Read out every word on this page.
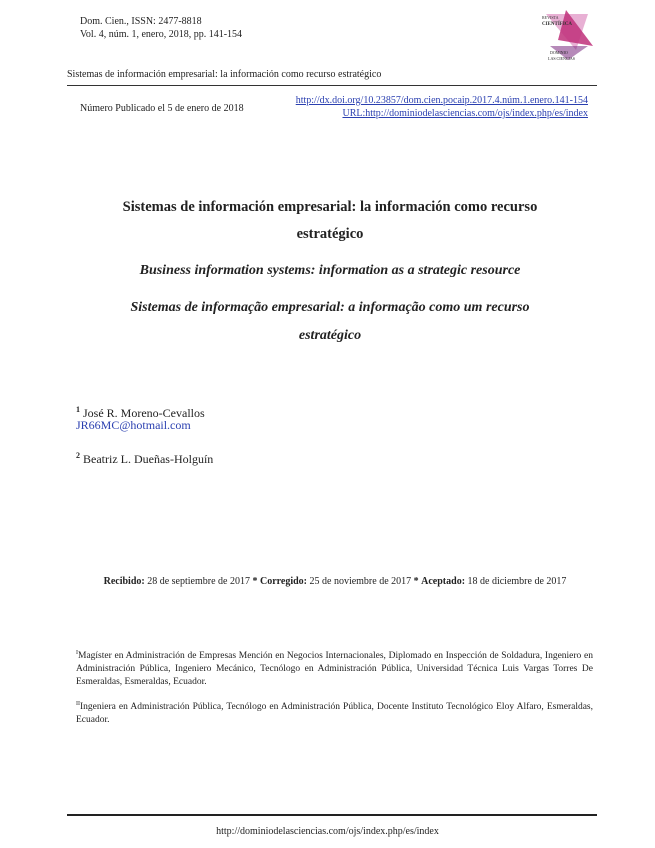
Dom. Cien., ISSN: 2477-8818
Vol. 4, núm. 1, enero, 2018, pp. 141-154
REVISTA
CIENTÍFICA
DOMINIO
LAS CIENCIAS
Sistemas de información empresarial: la información como recurso estratégico
Número Publicado el 5 de enero de 2018
http://dx.doi.org/10.23857/dom.cien.pocaip.2017.4.núm.1.enero.141-154
URL:http://dominiodelasciencias.com/ojs/index.php/es/index
Sistemas de información empresarial: la información como recurso estratégico
Business information systems: information as a strategic resource
Sistemas de informação empresarial: a informação como um recurso estratégico
$^1$ José R. Moreno-Cevallos
JR66MC@hotmail.com
$^2$ Beatriz L. Dueñas-Holguín
Recibido: 28 de septiembre de 2017 * Corregido: 25 de noviembre de 2017 * Aceptado: 18 de diciembre de 2017
$^I$Magíster en Administración de Empresas Mención en Negocios Internacionales, Diplomado en Inspección de Soldadura, Ingeniero en Administración Pública, Ingeniero Mecánico, Tecnólogo en Administración Pública, Universidad Técnica Luis Vargas Torres De Esmeraldas, Esmeraldas, Ecuador.
$^{II}$Ingeniera en Administración Pública, Tecnólogo en Administración Pública, Docente Instituto Tecnológico Eloy Alfaro, Esmeraldas, Ecuador.
http://dominiodelasciencias.com/ojs/index.php/es/index
